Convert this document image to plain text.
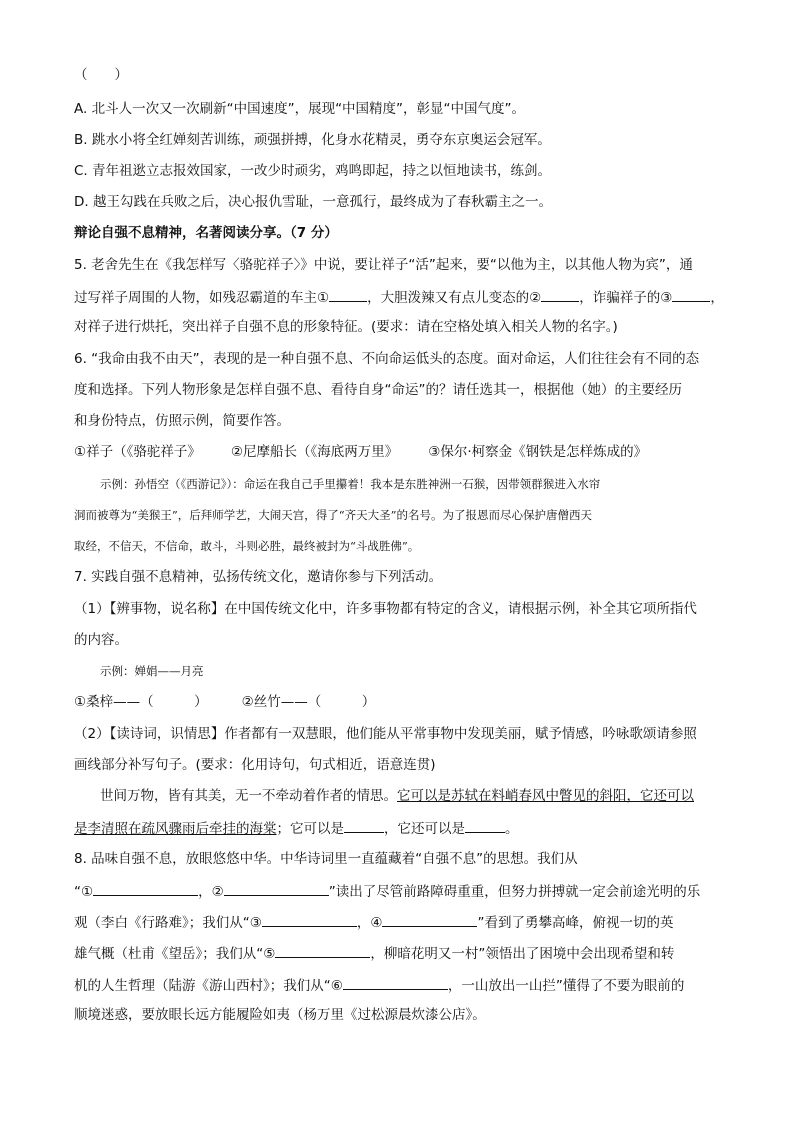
（　　）
A. 北斗人一次又一次刷新“中国速度”，展现“中国精度”，彰显“中国气度”。
B. 跳水小将全红婵刻苦训练，顽强拼搏，化身水花精灵，勇夺东京奥运会冠军。
C. 青年祖逖立志报效国家，一改少时顽劣，鸡鸣即起，持之以恒地读书，练剑。
D. 越王勾践在兵败之后，决心报仇雪耻，一意孤行，最终成为了春秋霸主之一。
辩论自强不息精神，名著阅读分享。（7 分）
5. 老舍先生在《我怎样写〈骆驼祥子〉》中说，要让祥子“活”起来，要“以他为主，以其他人物为宾”，通
过写祥子周围的人物，如残忍霸道的车主①	，大胆泼辣又有点儿变态的②	，诈骗祥子的③	，
对祥子进行烘托，突出祥子自强不息的形象特征。(要求：请在空格处填入相关人物的名字。)
6. “我命由我不由天”，表现的是一种自强不息、不向命运低头的态度。面对命运，人们往往会有不同的态
度和选择。下列人物形象是怎样自强不息、看待自身“命运”的？请任选其一，根据他（她）的主要经历
和身份特点，仿照示例，简要作答。
①祥子（《骆驼祥子》 ②尼摩船长（《海底两万里》 ③保尔·柯察金《钢铁是怎样炼成的》
示例：孙悟空（《西游记》）：命运在我自己手里攥着！我本是东胜神洲一石猴，因带领群猴进入水帘
洞而被尊为“美猴王”，后拜师学艺，大闹天宫，得了“齐天大圣”的名号。为了报恩而尽心保护唐僧西天
取经，不信天，不信命，敢斗，斗则必胜，最终被封为“斗战胜佛”。
7. 实践自强不息精神，弘扬传统文化，邀请你参与下列活动。
（1）【辨事物，说名称】在中国传统文化中，许多事物都有特定的含义，请根据示例，补全其它项所指代
的内容。
示例：婵娟——月亮
①桑梓——（　　　）	②丝竹——（　　　）
（2）【读诗词，识情思】作者都有一双慧眼，他们能从平常事物中发现美丽，赋予情感，吟咏歌颂请参照
画线部分补写句子。(要求：化用诗句，句式相近，语意连贯)
世间万物，皆有其美，无一不牵动着作者的情思。它可以是苏轼在料峭春风中瞥见的斜阳，它还可以
是李清照在疏风骤雨后牵挂的海棠；它可以是	，它还可以是	。
8. 品味自强不息，放眼悠悠中华。中华诗词里一直蕴藏着“自强不息”的思想。我们从
“①	，②	”读出了尽管前路障碍重重，但努力拼搏就一定会前途光明的乐
观（李白《行路难》；我们从“③	，④	”看到了勇攀高峰，俯视一切的英
雄气概（杜甫《望岳》；我们从“⑤	，柳暗花明又一村”领悟出了困境中会出现希望和转
机的人生哲理（陆游《游山西村》；我们从“⑥	，一山放出一山拦”懂得了不要为眼前的
顺境迷惑，要放眼长远方能履险如夷（杨万里《过松源晨炊漆公店》。
